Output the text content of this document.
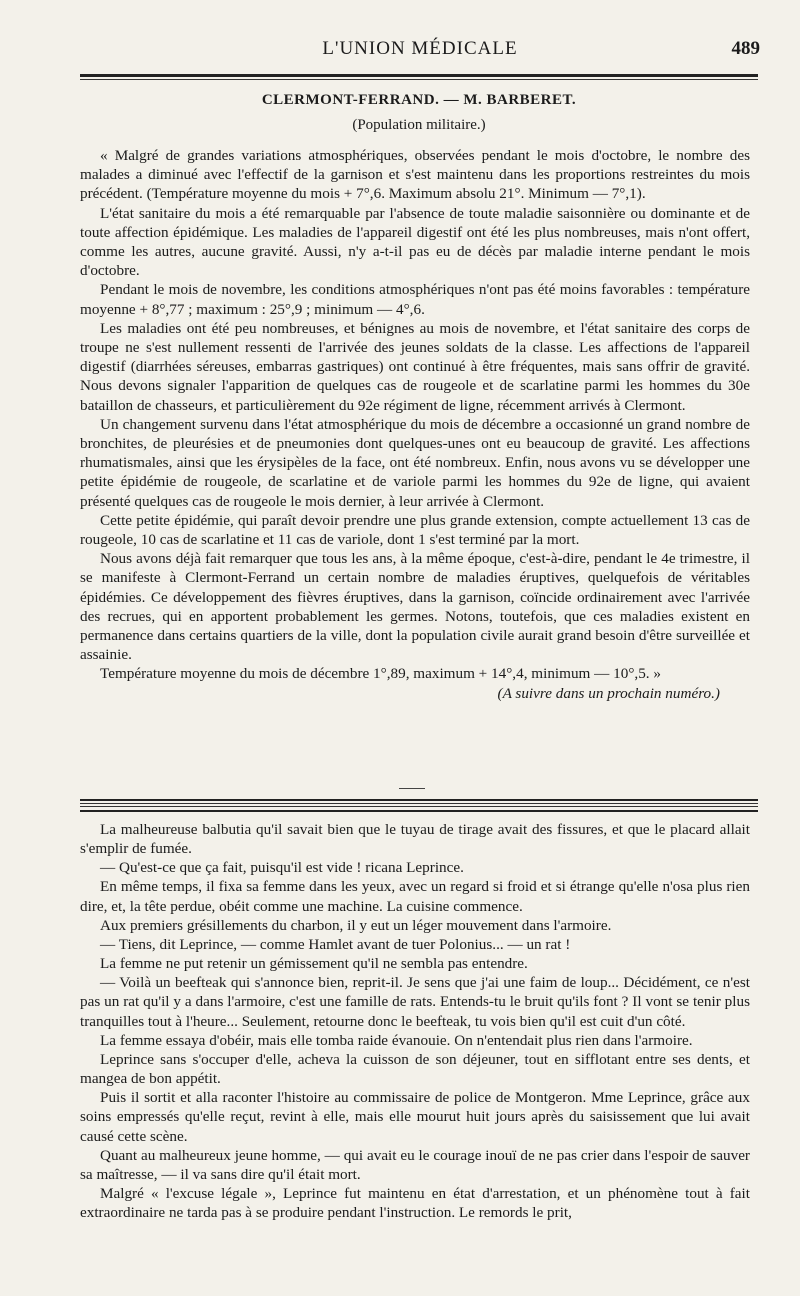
L'UNION MÉDICALE	489
CLERMONT-FERRAND. — M. BARBERET.
(Population militaire.)

« Malgré de grandes variations atmosphériques, observées pendant le mois d'octobre, le nombre des malades a diminué avec l'effectif de la garnison et s'est maintenu dans les proportions restreintes du mois précédent. (Température moyenne du mois + 7°,6. Maximum absolu 21°. Minimum — 7°,1).

L'état sanitaire du mois a été remarquable par l'absence de toute maladie saisonnière ou dominante et de toute affection épidémique. Les maladies de l'appareil digestif ont été les plus nombreuses, mais n'ont offert, comme les autres, aucune gravité. Aussi, n'y a-t-il pas eu de décès par maladie interne pendant le mois d'octobre.

Pendant le mois de novembre, les conditions atmosphériques n'ont pas été moins favorables : température moyenne + 8°,77 ; maximum : 25°,9 ; minimum — 4°,6.

Les maladies ont été peu nombreuses, et bénignes au mois de novembre, et l'état sanitaire des corps de troupe ne s'est nullement ressenti de l'arrivée des jeunes soldats de la classe. Les affections de l'appareil digestif (diarrhées séreuses, embarras gastriques) ont continué à être fréquentes, mais sans offrir de gravité. Nous devons signaler l'apparition de quelques cas de rougeole et de scarlatine parmi les hommes du 30e bataillon de chasseurs, et particulièrement du 92e régiment de ligne, récemment arrivés à Clermont.

Un changement survenu dans l'état atmosphérique du mois de décembre a occasionné un grand nombre de bronchites, de pleurésies et de pneumonies dont quelques-unes ont eu beaucoup de gravité. Les affections rhumatismales, ainsi que les érysipèles de la face, ont été nombreux. Enfin, nous avons vu se développer une petite épidémie de rougeole, de scarlatine et de variole parmi les hommes du 92e de ligne, qui avaient présenté quelques cas de rougeole le mois dernier, à leur arrivée à Clermont.

Cette petite épidémie, qui paraît devoir prendre une plus grande extension, compte actuellement 13 cas de rougeole, 10 cas de scarlatine et 11 cas de variole, dont 1 s'est terminé par la mort.

Nous avons déjà fait remarquer que tous les ans, à la même époque, c'est-à-dire, pendant le 4e trimestre, il se manifeste à Clermont-Ferrand un certain nombre de maladies éruptives, quelquefois de véritables épidémies. Ce développement des fièvres éruptives, dans la garnison, coïncide ordinairement avec l'arrivée des recrues, qui en apportent probablement les germes. Notons, toutefois, que ces maladies existent en permanence dans certains quartiers de la ville, dont la population civile aurait grand besoin d'être surveillée et assainie.

Température moyenne du mois de décembre 1°,89, maximum + 14°,4, minimum — 10°,5. »

(A suivre dans un prochain numéro.)

La malheureuse balbutia qu'il savait bien que le tuyau de tirage avait des fissures, et que le placard allait s'emplir de fumée.

— Qu'est-ce que ça fait, puisqu'il est vide ! ricana Leprince.

En même temps, il fixa sa femme dans les yeux, avec un regard si froid et si étrange qu'elle n'osa plus rien dire, et, la tête perdue, obéit comme une machine. La cuisine commence.

Aux premiers grésillements du charbon, il y eut un léger mouvement dans l'armoire.

— Tiens, dit Leprince, — comme Hamlet avant de tuer Polonius... — un rat !

La femme ne put retenir un gémissement qu'il ne sembla pas entendre.

— Voilà un beefteak qui s'annonce bien, reprit-il. Je sens que j'ai une faim de loup... Décidément, ce n'est pas un rat qu'il y a dans l'armoire, c'est une famille de rats. Entends-tu le bruit qu'ils font ? Il vont se tenir plus tranquilles tout à l'heure... Seulement, retourne donc le beefteak, tu vois bien qu'il est cuit d'un côté.

La femme essaya d'obéir, mais elle tomba raide évanouie. On n'entendait plus rien dans l'armoire.

Leprince sans s'occuper d'elle, acheva la cuisson de son déjeuner, tout en sifflotant entre ses dents, et mangea de bon appétit.

Puis il sortit et alla raconter l'histoire au commissaire de police de Montgeron. Mme Leprince, grâce aux soins empressés qu'elle reçut, revint à elle, mais elle mourut huit jours après du saisissement que lui avait causé cette scène.

Quant au malheureux jeune homme, — qui avait eu le courage inouï de ne pas crier dans l'espoir de sauver sa maîtresse, — il va sans dire qu'il était mort.

Malgré « l'excuse légale », Leprince fut maintenu en état d'arrestation, et un phénomène tout à fait extraordinaire ne tarda pas à se produire pendant l'instruction. Le remords le prit,
